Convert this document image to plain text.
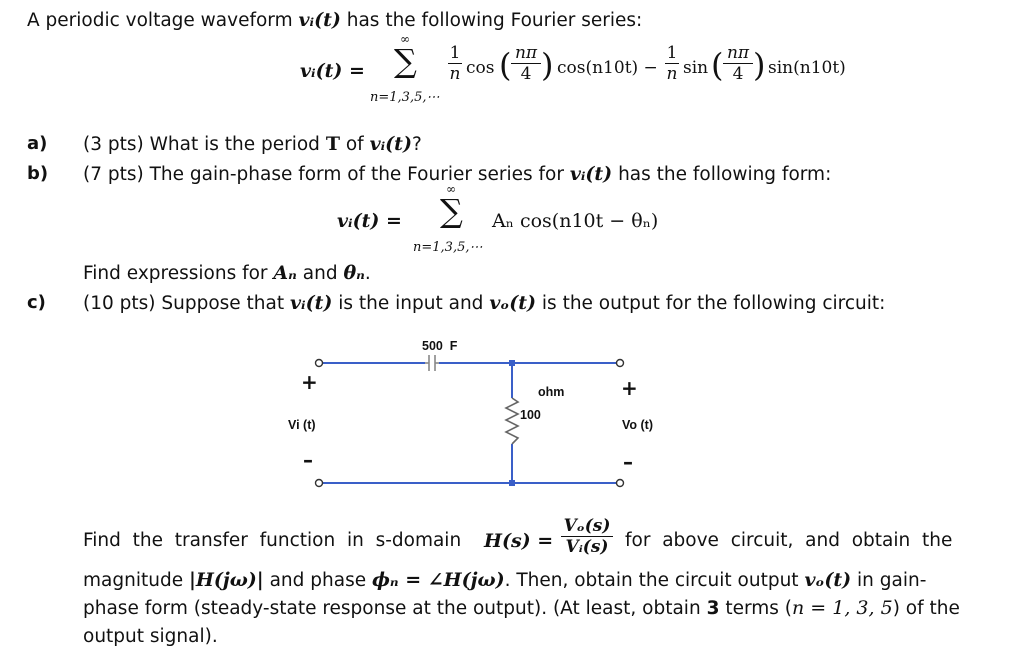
A periodic voltage waveform vᵢ(t) has the following Fourier series:
vᵢ(t) =
∞
∑
n=1,3,5,⋯
1
n cos ( nπ
4 ) cos(n10t) −
1
n sin ( nπ
4 ) sin(n10t)
a) (3 pts) What is the period T of vᵢ(t)?
b) (7 pts) The gain-phase form of the Fourier series for vᵢ(t) has the following form:
vᵢ(t) =
∞
∑
n=1,3,5,⋯
Aₙ cos(n10t − θₙ)
Find expressions for Aₙ and θₙ.
c) (10 pts) Suppose that vᵢ(t) is the input and vₒ(t) is the output for the following circuit:
500  F
ohm
100
+
–
Vi (t)
+
–
Vo (t)
Find  the  transfer  function  in  s-domain H(s) =
Vₒ(s)
Vᵢ(s) for  above  circuit,  and  obtain  the
magnitude |H(jω)| and phase ϕₙ = ∠H(jω). Then, obtain the circuit output vₒ(t) in gain-
phase form (steady-state response at the output). (At least, obtain 3 terms (n = 1, 3, 5) of the
output signal).
